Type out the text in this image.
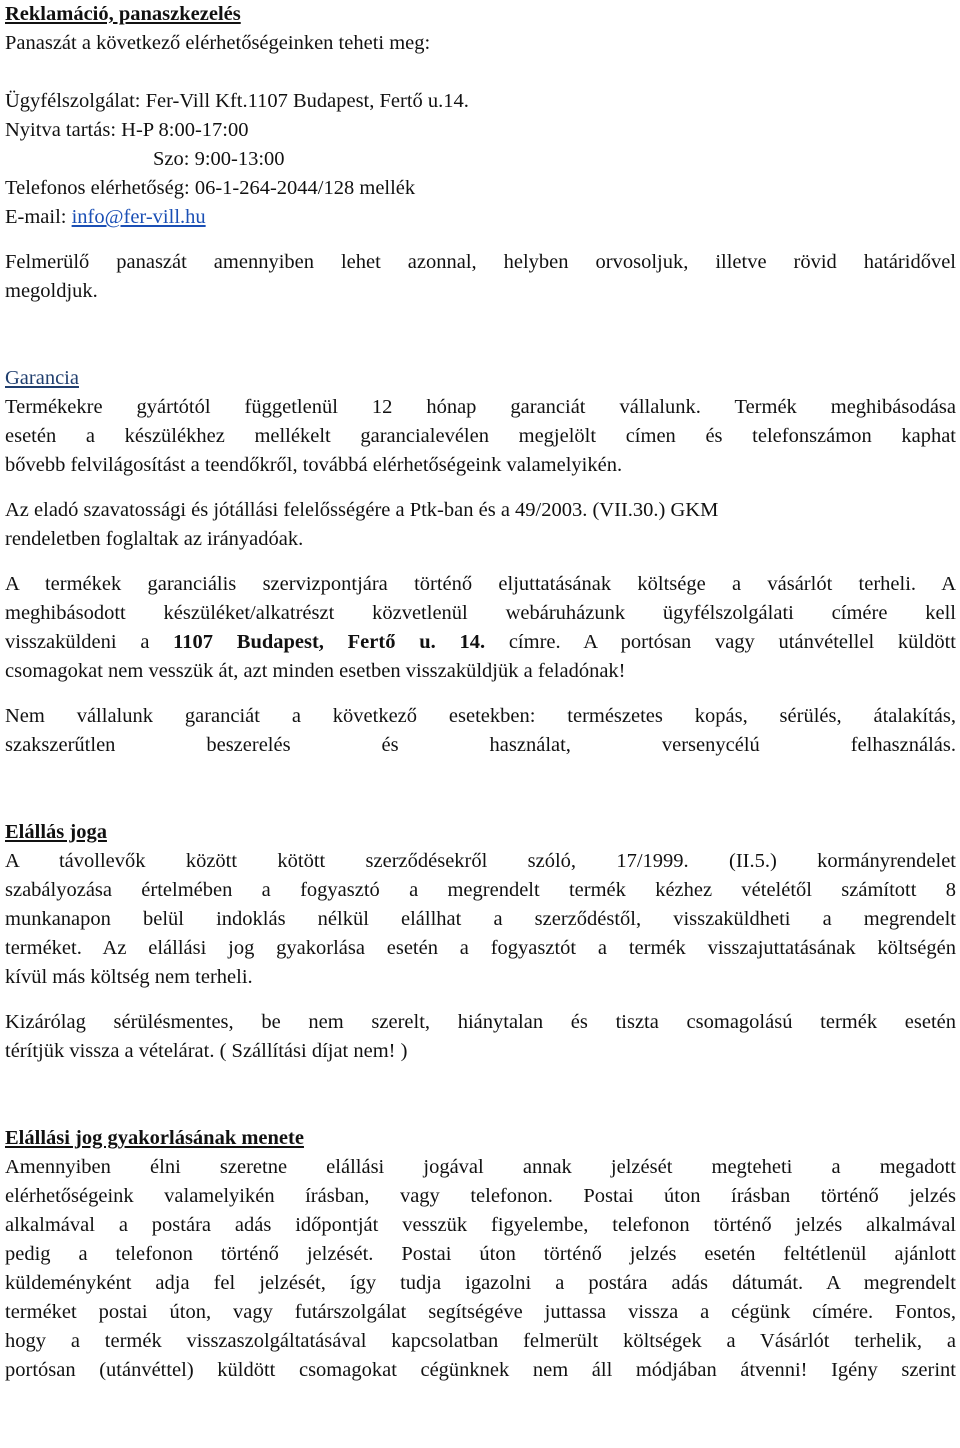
Reklamáció, panaszkezelés
Panaszát a következő elérhetőségeinken teheti meg:
Ügyfélszolgálat: Fer-Vill Kft.1107 Budapest, Fertő u.14.
Nyitva tartás: H-P 8:00-17:00
Szo: 9:00-13:00
Telefonos elérhetőség: 06-1-264-2044/128 mellék
E-mail: info@fer-vill.hu
Felmerülő panaszát amennyiben lehet azonnal, helyben orvosoljuk, illetve rövid határidővel
megoldjuk.
Garancia
Termékekre gyártótól függetlenül 12 hónap garanciát vállalunk. Termék meghibásodása
esetén a készülékhez mellékelt garancialevélen megjelölt címen és telefonszámon kaphat
bővebb felvilágosítást a teendőkről, továbbá elérhetőségeink valamelyikén.
Az eladó szavatossági és jótállási felelősségére a Ptk-ban és a 49/2003. (VII.30.) GKM
rendeletben foglaltak az irányadóak.
A termékek garanciális szervizpontjára történő eljuttatásának költsége a vásárlót terheli. A
meghibásodott készüléket/alkatrészt közvetlenül webáruházunk ügyfélszolgálati címére kell
visszaküldeni a 1107 Budapest, Fertő u. 14. címre. A portósan vagy utánvétellel küldött
csomagokat nem vesszük át, azt minden esetben visszaküldjük a feladónak!
Nem vállalunk garanciát a következő esetekben: természetes kopás, sérülés, átalakítás,
szakszerűtlen beszerelés és használat, versenycélú felhasználás.
Elállás joga
A távollevők között kötött szerződésekről szóló, 17/1999. (II.5.) kormányrendelet
szabályozása értelmében a fogyasztó a megrendelt termék kézhez vételétől számított 8
munkanapon belül indoklás nélkül elállhat a szerződéstől, visszaküldheti a megrendelt
terméket. Az elállási jog gyakorlása esetén a fogyasztót a termék visszajuttatásának költségén
kívül más költség nem terheli.
Kizárólag sérülésmentes, be nem szerelt, hiánytalan és tiszta csomagolású termék esetén
térítjük vissza a vételárat. ( Szállítási díjat nem! )
Elállási jog gyakorlásának menete
Amennyiben élni szeretne elállási jogával annak jelzését megteheti a megadott
elérhetőségeink valamelyikén írásban, vagy telefonon. Postai úton írásban történő jelzés
alkalmával a postára adás időpontját vesszük figyelembe, telefonon történő jelzés alkalmával
pedig a telefonon történő jelzését. Postai úton történő jelzés esetén feltétlenül ajánlott
küldeményként adja fel jelzését, így tudja igazolni a postára adás dátumát. A megrendelt
terméket postai úton, vagy futárszolgálat segítségéve juttassa vissza a cégünk címére. Fontos,
hogy a termék visszaszolgáltatásával kapcsolatban felmerült költségek a Vásárlót terhelik, a
portósan (utánvéttel) küldött csomagokat cégünknek nem áll módjában átvenni! Igény szerint
